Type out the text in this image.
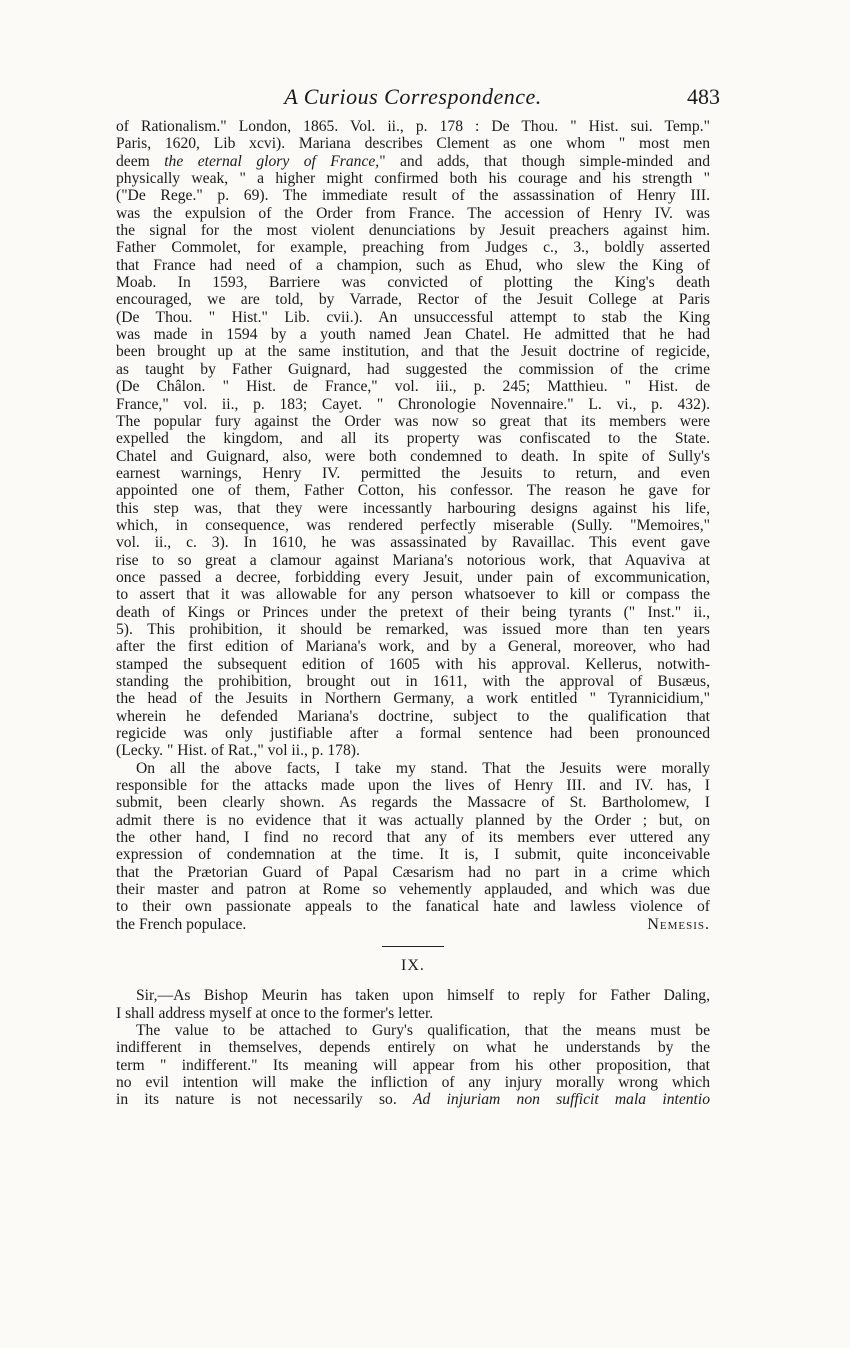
A Curious Correspondence.	483

of Rationalism." London, 1865. Vol. ii., p. 178 : De Thou. " Hist. sui. Temp."
Paris, 1620, Lib xcvi). Mariana describes Clement as one whom " most men
deem the eternal glory of France," and adds, that though simple-minded and
physically weak, " a higher might confirmed both his courage and his strength "
("De Rege." p. 69). The immediate result of the assassination of Henry III.
was the expulsion of the Order from France. The accession of Henry IV. was
the signal for the most violent denunciations by Jesuit preachers against him.
Father Commolet, for example, preaching from Judges c., 3., boldly asserted
that France had need of a champion, such as Ehud, who slew the King of
Moab. In 1593, Barriere was convicted of plotting the King's death
encouraged, we are told, by Varrade, Rector of the Jesuit College at Paris
(De Thou. " Hist." Lib. cvii.). An unsuccessful attempt to stab the King
was made in 1594 by a youth named Jean Chatel. He admitted that he had
been brought up at the same institution, and that the Jesuit doctrine of regicide,
as taught by Father Guignard, had suggested the commission of the crime
(De Châlon. " Hist. de France," vol. iii., p. 245; Matthieu. " Hist. de
France," vol. ii., p. 183; Cayet. " Chronologie Novennaire." L. vi., p. 432).
The popular fury against the Order was now so great that its members were
expelled the kingdom, and all its property was confiscated to the State.
Chatel and Guignard, also, were both condemned to death. In spite of Sully's
earnest warnings, Henry IV. permitted the Jesuits to return, and even
appointed one of them, Father Cotton, his confessor. The reason he gave for
this step was, that they were incessantly harbouring designs against his life,
which, in consequence, was rendered perfectly miserable (Sully. "Memoires,"
vol. ii., c. 3). In 1610, he was assassinated by Ravaillac. This event gave
rise to so great a clamour against Mariana's notorious work, that Aquaviva at
once passed a decree, forbidding every Jesuit, under pain of excommunication,
to assert that it was allowable for any person whatsoever to kill or compass the
death of Kings or Princes under the pretext of their being tyrants (" Inst." ii.,
5). This prohibition, it should be remarked, was issued more than ten years
after the first edition of Mariana's work, and by a General, moreover, who had
stamped the subsequent edition of 1605 with his approval. Kellerus, notwith-
standing the prohibition, brought out in 1611, with the approval of Busæus,
the head of the Jesuits in Northern Germany, a work entitled " Tyrannicidium,"
wherein he defended Mariana's doctrine, subject to the qualification that
regicide was only justifiable after a formal sentence had been pronounced
(Lecky. " Hist. of Rat.," vol ii., p. 178).

On all the above facts, I take my stand. That the Jesuits were morally
responsible for the attacks made upon the lives of Henry III. and IV. has, I
submit, been clearly shown. As regards the Massacre of St. Bartholomew, I
admit there is no evidence that it was actually planned by the Order ; but, on
the other hand, I find no record that any of its members ever uttered any
expression of condemnation at the time. It is, I submit, quite inconceivable
that the Prætorian Guard of Papal Cæsarism had no part in a crime which
their master and patron at Rome so vehemently applauded, and which was due
to their own passionate appeals to the fanatical hate and lawless violence of
the French populace.	Nemesis.
IX.

Sir,—As Bishop Meurin has taken upon himself to reply for Father Daling,
I shall address myself at once to the former's letter.

The value to be attached to Gury's qualification, that the means must be
indifferent in themselves, depends entirely on what he understands by the
term " indifferent." Its meaning will appear from his other proposition, that
no evil intention will make the infliction of any injury morally wrong which
in its nature is not necessarily so. Ad injuriam non sufficit mala intentio
